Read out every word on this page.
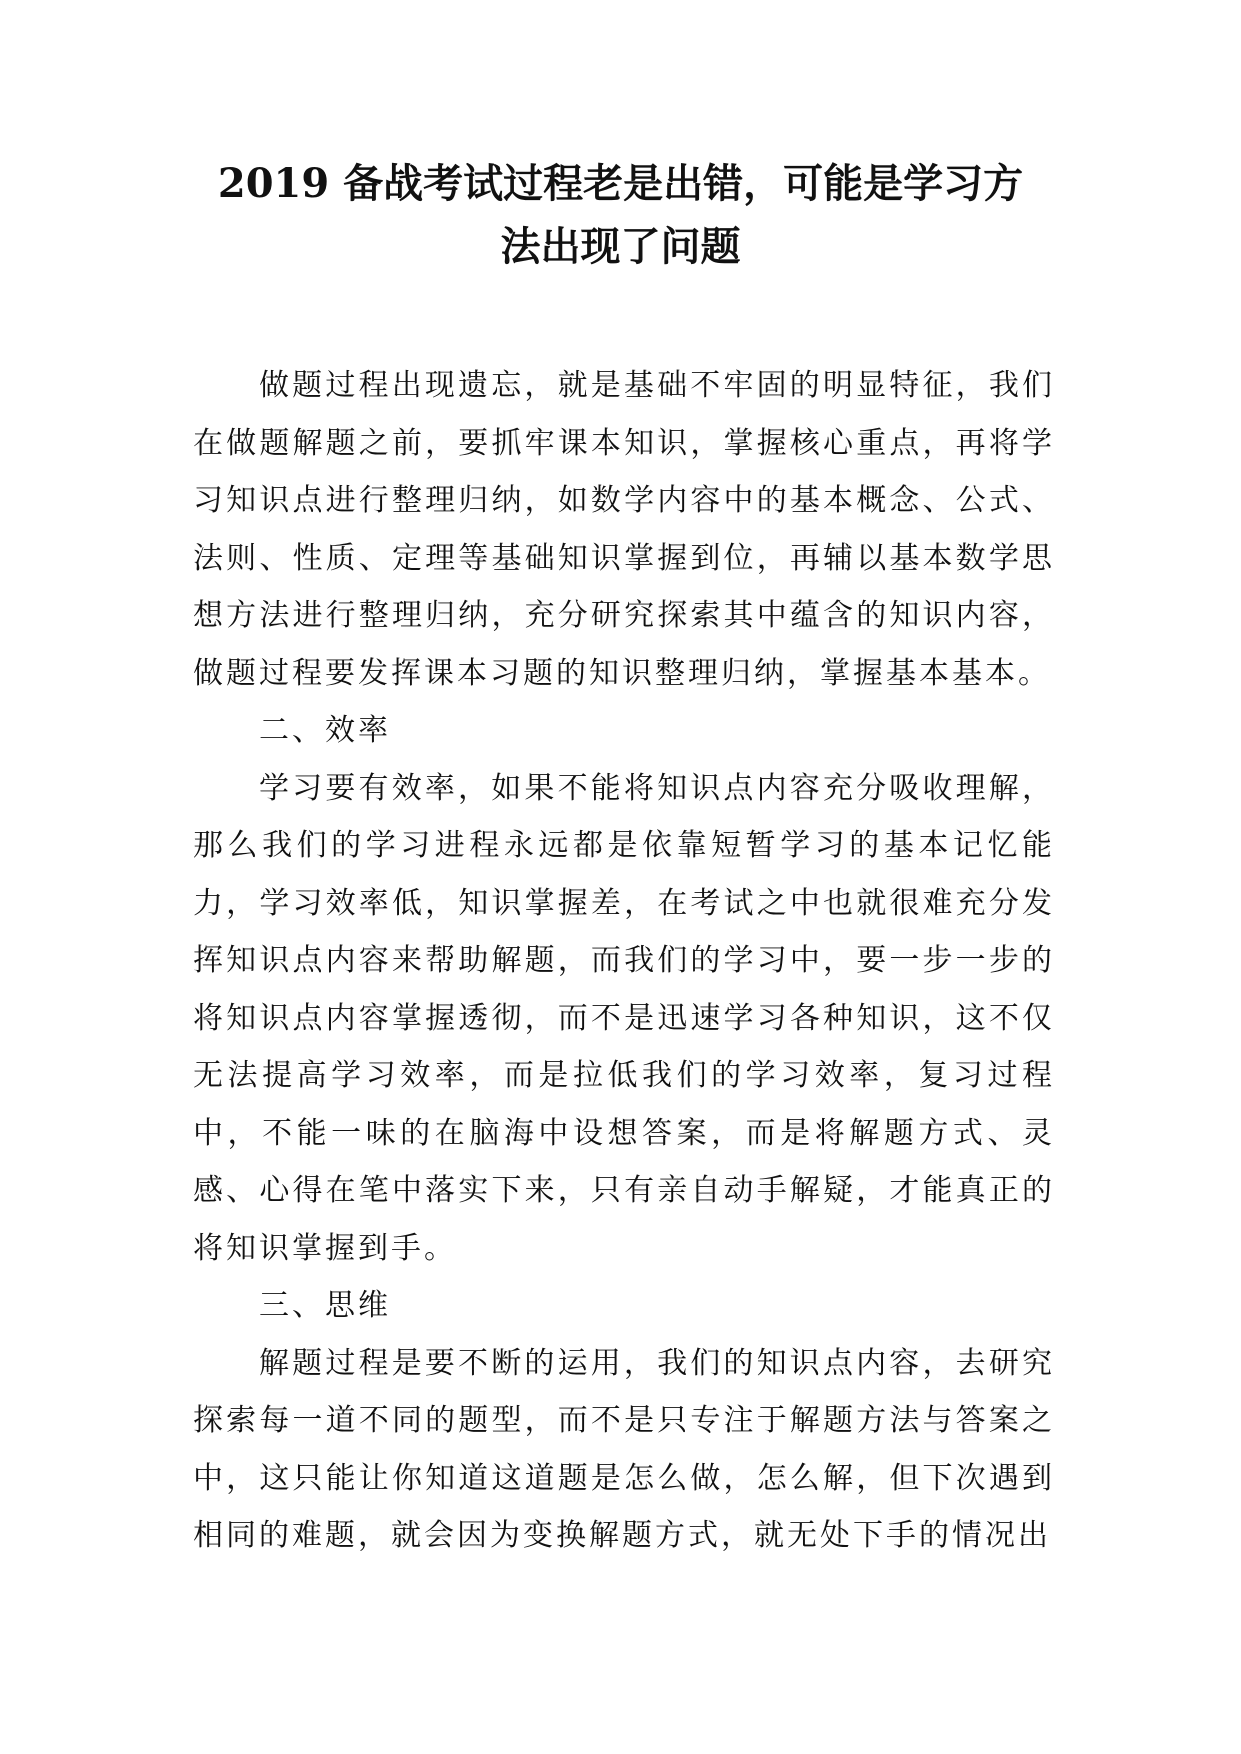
2019 备战考试过程老是出错，可能是学习方
法出现了问题

做题过程出现遗忘，就是基础不牢固的明显特征，我们在做题解题之前，要抓牢课本知识，掌握核心重点，再将学习知识点进行整理归纳，如数学内容中的基本概念、公式、法则、性质、定理等基础知识掌握到位，再辅以基本数学思想方法进行整理归纳，充分研究探索其中蕴含的知识内容，做题过程要发挥课本习题的知识整理归纳，掌握基本基本。

二、效率

学习要有效率，如果不能将知识点内容充分吸收理解，那么我们的学习进程永远都是依靠短暂学习的基本记忆能力，学习效率低，知识掌握差，在考试之中也就很难充分发挥知识点内容来帮助解题，而我们的学习中，要一步一步的将知识点内容掌握透彻，而不是迅速学习各种知识，这不仅无法提高学习效率，而是拉低我们的学习效率，复习过程中，不能一味的在脑海中设想答案，而是将解题方式、灵感、心得在笔中落实下来，只有亲自动手解疑，才能真正的将知识掌握到手。

三、思维

解题过程是要不断的运用，我们的知识点内容，去研究探索每一道不同的题型，而不是只专注于解题方法与答案之中，这只能让你知道这道题是怎么做，怎么解，但下次遇到相同的难题，就会因为变换解题方式，就无处下手的情况出
